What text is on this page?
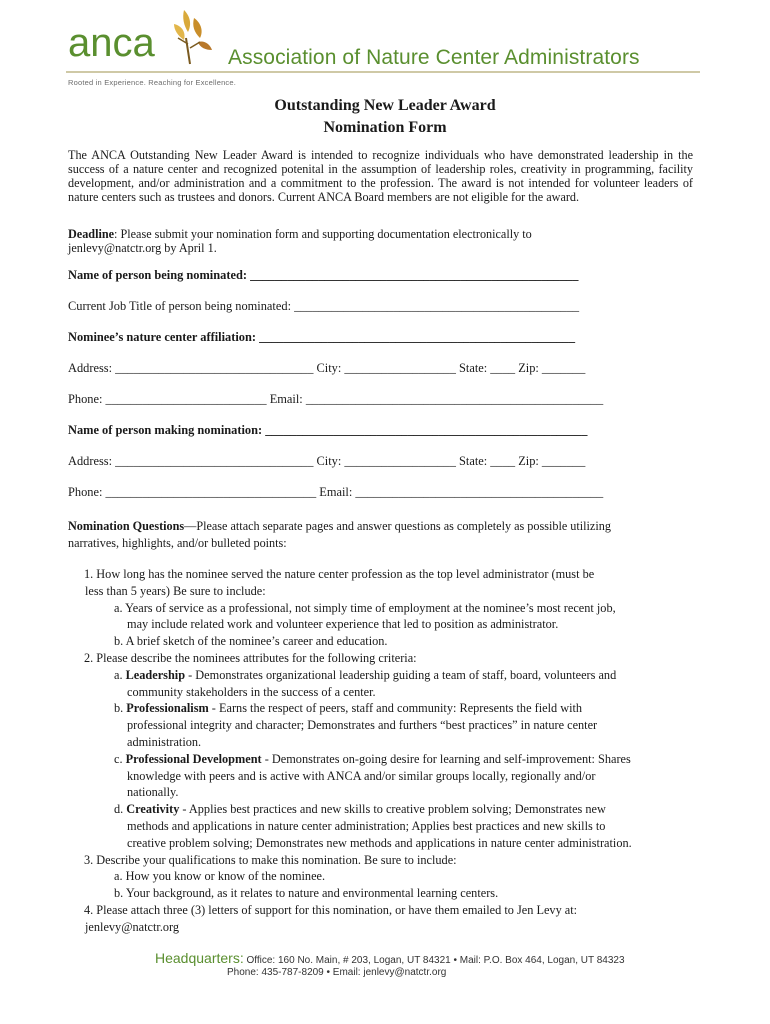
anca	Association of Nature Center Administrators
Rooted in Experience. Reaching for Excellence.
Outstanding New Leader Award
Nomination Form
The ANCA Outstanding New Leader Award is intended to recognize individuals who have demonstrated leadership in the success of a nature center and recognized potenital in the assumption of leadership roles, creativity in programming, facility development, and/or administration and a commitment to the profession. The award is not intended for volunteer leaders of nature centers such as trustees and donors. Current ANCA Board members are not eligible for the award.
Deadline: Please submit your nomination form and supporting documentation electronically to
jenlevy@natctr.org by April 1.
Name of person being nominated: _____________________________________________________
Current Job Title of person being nominated: ______________________________________________
Nominee’s nature center affiliation: ___________________________________________________
Address: ________________________________ City: __________________ State: ____ Zip: _______
Phone: __________________________ Email: ________________________________________________
Name of person making nomination: ____________________________________________________
Address: ________________________________ City: __________________ State: ____ Zip: _______
Phone: __________________________________ Email: ________________________________________
Nomination Questions—Please attach separate pages and answer questions as completely as possible utilizing
narratives, highlights, and/or bulleted points:
1. How long has the nominee served the nature center profession as the top level administrator (must be
less than 5 years) Be sure to include:
a. Years of service as a professional, not simply time of employment at the nominee’s most recent job,
may include related work and volunteer experience that led to position as administrator.
b. A brief sketch of the nominee’s career and education.
2. Please describe the nominees attributes for the following criteria:
a. Leadership - Demonstrates organizational leadership guiding a team of staff, board, volunteers and
community stakeholders in the success of a center.
b. Professionalism - Earns the respect of peers, staff and community: Represents the field with
professional integrity and character; Demonstrates and furthers “best practices” in nature center
administration.
c. Professional Development - Demonstrates on-going desire for learning and self-improvement: Shares
knowledge with peers and is active with ANCA and/or similar groups locally, regionally and/or
nationally.
d. Creativity - Applies best practices and new skills to creative problem solving; Demonstrates new
methods and applications in nature center administration; Applies best practices and new skills to
creative problem solving; Demonstrates new methods and applications in nature center administration.
3. Describe your qualifications to make this nomination. Be sure to include:
a. How you know or know of the nominee.
b. Your background, as it relates to nature and environmental learning centers.
4. Please attach three (3) letters of support for this nomination, or have them emailed to Jen Levy at:
jenlevy@natctr.org
Headquarters: Office: 160 No. Main, # 203, Logan, UT 84321 • Mail: P.O. Box 464, Logan, UT 84323
Phone: 435-787-8209 • Email: jenlevy@natctr.org
